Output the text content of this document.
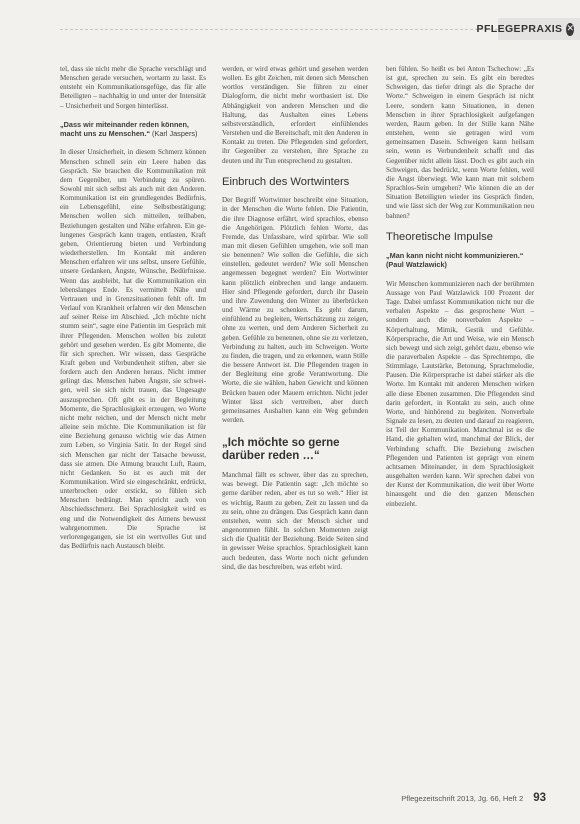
PFLEGEPRAXIS ✕

tel, dass sie nicht mehr die Sprache verschlägt und Menschen gerade versuchen, wortarm zu lasst. Es entsteht ein Kommunikationsgefüge, das für alle Beteiligten – nachhaltig in und unter der Intensität – Unsicherheit und Sorgen hinterlässt.

„Dass wir miteinander reden können, macht uns zu Menschen.“ (Karl Jaspers)

In dieser Unsicherheit, in diesem Schmerz können Menschen schnell sein ein Leere haben das Gespräch. Sie brauchen die Kommunikation mit dem Gegenüber, um Verbindung zu spüren. Sowohl mit sich selbst als auch mit den Anderen. Kommunikation ist ein grundlegendes Bedürfnis, ein Lebensgefühl, eine Selbstbestätigung; Menschen wollen sich mitteilen, teilhaben, Beziehungen gestalten und Nähe erfahren. Ein gelungenes Gespräch kann tragen, entlasten, Kraft geben, Orientierung bieten und Verbindung wiederherstellen. Im Kontakt mit anderen Menschen erfahren wir uns selbst, unsere Gefühle, unsere Gedanken, Ängste, Wünsche, Bedürfnisse. Wenn das ausbleibt, hat die Kommunikation ein lebenslanges Ende. Es vermittelt Nähe und Vertrauen und in Grenzsituationen fehlt oft. Im Verlauf von Krankheit erfahren wir den Menschen auf seiner Reise im Abschied. „Ich möchte nicht stumm sein“, sagte eine Patientin im Gespräch mit ihrer Pflegenden. Menschen wollen bis zuletzt gehört und gesehen werden. Es gibt Momente, die für sich sprechen. Wir wissen, dass Gespräche Kraft geben und Verbundenheit stiften, aber sie fordern auch den Anderen heraus. Nicht immer gelingt das. Menschen haben Ängste, sie schweigen, weil sie sich nicht trauen, das Ungesagte auszusprechen. Oft gibt es in der Begleitung Momente, die Sprachlosigkeit erzeugen, wo Worte nicht mehr reichen, und der Mensch nicht mehr alleine sein möchte. Die Kommunikation ist für eine Beziehung genauso wichtig wie das Atmen zum Leben, so Virginia Satir. In der Regel sind sich Menschen gar nicht der Tatsache bewusst, dass sie atmen. Die Atmung braucht Luft, Raum, nicht Gedanken. So ist es auch mit der Kommunikation. Wird sie eingeschränkt, erdrückt, unterbrochen oder erstickt, so fühlen sich Menschen bedrängt. Man spricht auch von Abschiedsschmerz. Bei Sprachlosigkeit wird es eng und die Notwendigkeit des Atmens bewusst wahrgenommen. Die Sprache ist verlorengegangen, sie ist ein wertvolles Gut und das Bedürfnis nach Austausch bleibt.

werden, er wird etwas gehört und gesehen werden wollen. Es gibt Zeichen, mit denen sich Menschen wortlos verständigen. Sie führen zu einer Dialogform, die nicht mehr wortbasiert ist. Die Abhängigkeit von anderen Menschen und die Haltung, das Aushalten eines Lebens selbstverständlich, erfordert einfühlendes Verstehen und die Bereitschaft, mit den Anderen in Kontakt zu treten. Die Pflegenden sind gefordert, ihr Gegenüber zu verstehen, ihre Sprache zu deuten und ihr Tun entsprechend zu gestalten.

Einbruch des Wortwinters

Der Begriff Wortwinter beschreibt eine Situation, in der Menschen die Worte fehlen. Die Patientin, die ihre Diagnose erfährt, wird sprachlos, ebenso die Angehörigen. Plötzlich fehlen Worte, das Fremde, das Unfassbare, wird spürbar. Wie soll man mit diesen Gefühlen umgehen, wie soll man sie benennen? Wie sollen die Gefühle, die sich einstellen, gedeutet werden? Wie soll Menschen angemessen begegnet werden? Ein Wortwinter kann plötzlich einbrechen und lange andauern. Hier sind Pflegende gefordert, durch ihr Dasein und ihre Zuwendung den Winter zu überbrücken und Wärme zu schenken. Es geht darum, einfühlend zu begleiten, Wertschätzung zu zeigen, ohne zu werten, und dem Anderen Sicherheit zu geben. Gefühle zu benennen, ohne sie zu verletzen, Verbindung zu halten, auch im Schweigen. Worte zu finden, die tragen, und zu erkennen, wann Stille die bessere Antwort ist. Die Pflegenden tragen in der Begleitung eine große Verantwortung. Die Worte, die sie wählen, haben Gewicht und können Brücken bauen oder Mauern errichten. Nicht jeder Winter lässt sich vertreiben, aber durch gemeinsames Aushalten kann ein Weg gefunden werden.

„Ich möchte so gerne darüber reden …“

Manchmal fällt es schwer, über das zu sprechen, was bewegt. Die Patientin sagt: „Ich möchte so gerne darüber reden, aber es tut so weh.“ Hier ist es wichtig, Raum zu geben, Zeit zu lassen und da zu sein, ohne zu drängen. Das Gespräch kann dann entstehen, wenn sich der Mensch sicher und angenommen fühlt. In solchen Momenten zeigt sich die Qualität der Beziehung. Beide Seiten sind in gewisser Weise sprachlos. Sprachlosigkeit kann auch bedeuten, dass Worte noch nicht gefunden sind, die das beschreiben, was erlebt wird.

ben fühlen. So heißt es bei Anton Tschechow: „Es ist gut, sprechen zu sein. Es gibt ein beredtes Schweigen, das tiefer dringt als die Sprache der Worte.“ Schweigen in einem Gespräch ist nicht Leere, sondern kann Situationen, in denen Menschen in ihrer Sprachlosigkeit aufgefangen werden, Raum geben. In der Stille kann Nähe entstehen, wenn sie getragen wird vom gemeinsamen Dasein. Schweigen kann heilsam sein, wenn es Verbundenheit schafft und das Gegenüber nicht allein lässt. Doch es gibt auch ein Schweigen, das bedrückt, wenn Worte fehlen, weil die Angst überwiegt. Wie kann man mit solchem Sprachlos-Sein umgehen? Wie können die an der Situation Beteiligten wieder ins Gespräch finden, und wie lässt sich der Weg zur Kommunikation neu bahnen?

Theoretische Impulse
„Man kann nicht nicht kommunizieren.“
(Paul Watzlawick)

Wir Menschen kommunizieren nach der berühmten Aussage von Paul Watzlawick 100 Prozent der Tage. Dabei umfasst Kommunikation nicht nur die verbalen Aspekte – das gesprochene Wort – sondern auch die nonverbalen Aspekte – Körperhaltung, Mimik, Gestik und Gefühle. Körpersprache, die Art und Weise, wie ein Mensch sich bewegt und sich zeigt, gehört dazu, ebenso wie die paraverbalen Aspekte – das Sprechtempo, die Stimmlage, Lautstärke, Betonung, Sprachmelodie, Pausen. Die Körpersprache ist dabei stärker als die Worte. Im Kontakt mit anderen Menschen wirken alle diese Ebenen zusammen. Die Pflegenden sind darin gefordert, in Kontakt zu sein, auch ohne Worte, und hinhörend zu begleiten. Nonverbale Signale zu lesen, zu deuten und darauf zu reagieren, ist Teil der Kommunikation. Manchmal ist es die Hand, die gehalten wird, manchmal der Blick, der Verbindung schafft. Die Beziehung zwischen Pflegenden und Patienten ist geprägt von einem achtsamen Miteinander, in dem Sprachlosigkeit ausgehalten werden kann. Wir sprechen dabei von der Kunst der Kommunikation, die weit über Worte hinausgeht und die den ganzen Menschen einbezieht.

Pflegezeitschrift 2013, Jg. 66, Heft 2 93
